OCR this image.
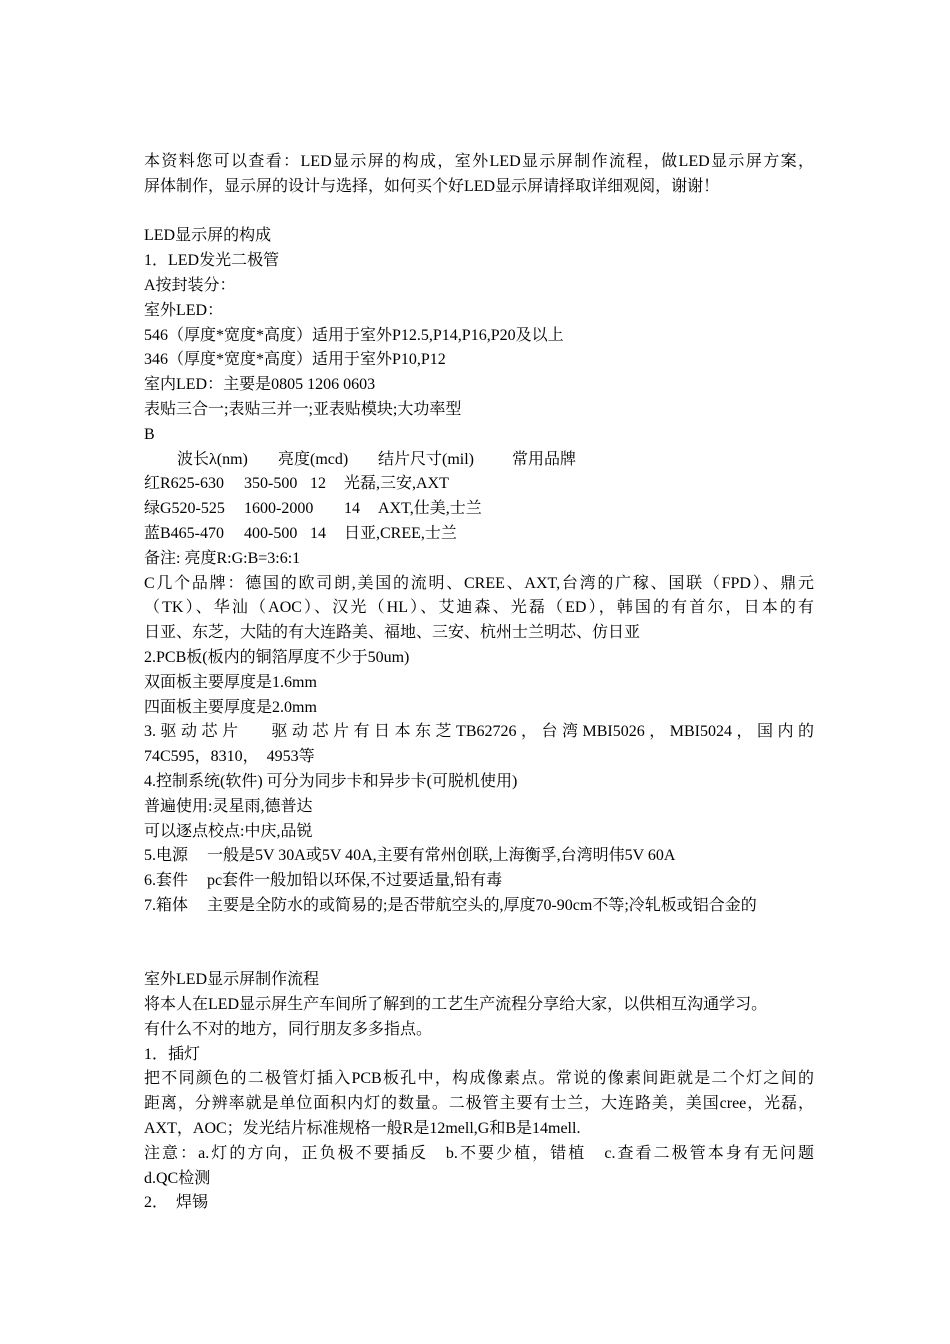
本资料您可以查看：LED显示屏的构成，室外LED显示屏制作流程，做LED显示屏方案，
屏体制作，显示屏的设计与选择，如何买个好LED显示屏请择取详细观阅，谢谢！
LED显示屏的构成
1．LED发光二极管
A按封装分：
室外LED：
546（厚度*宽度*高度）适用于室外P12.5,P14,P16,P20及以上
346（厚度*宽度*高度）适用于室外P10,P12
室内LED：主要是0805 1206 0603
表贴三合一;表贴三并一;亚表贴模块;大功率型
B
波长λ(nm) 亮度(mcd) 结片尺寸(mil) 常用品牌
红R625-630 350-500 12 光磊,三安,AXT
绿G520-525 1600-2000 14 AXT,仕美,士兰
蓝B465-470 400-500 14 日亚,CREE,士兰
备注: 亮度R:G:B=3:6:1
C几个品牌：德国的欧司朗,美国的流明、CREE、AXT,台湾的广稼、国联（FPD）、鼎元
（TK）、华汕（AOC）、汉光（HL）、艾迪森、光磊（ED），韩国的有首尔，日本的有
日亚、东芝，大陆的有大连路美、福地、三安、杭州士兰明芯、仿日亚
2.PCB板(板内的铜箔厚度不少于50um)
双面板主要厚度是1.6mm
四面板主要厚度是2.0mm
3.驱动芯片　 驱动芯片有日本东芝TB62726，台湾MBI5026，MBI5024，国内的
74C595，8310，　4953等
4.控制系统(软件) 可分为同步卡和异步卡(可脱机使用)
普遍使用:灵星雨,德普达
可以逐点校点:中庆,品锐
5.电源 一般是5V 30A或5V 40A,主要有常州创联,上海衡孚,台湾明伟5V 60A
6.套件 pc套件一般加铅以环保,不过要适量,铅有毒
7.箱体 主要是全防水的或简易的;是否带航空头的,厚度70-90cm不等;冷轧板或铝合金的
室外LED显示屏制作流程
将本人在LED显示屏生产车间所了解到的工艺生产流程分享给大家，以供相互沟通学习。
有什么不对的地方，同行朋友多多指点。
1．插灯
把不同颜色的二极管灯插入PCB板孔中，构成像素点。常说的像素间距就是二个灯之间的
距离，分辨率就是单位面积内灯的数量。二极管主要有士兰，大连路美，美国cree，光磊，
AXT，AOC；发光结片标准规格一般R是12mell,G和B是14mell.
注意：a.灯的方向，正负极不要插反　b.不要少植，错植　c.查看二极管本身有无问题
d.QC检测
2．　焊锡
